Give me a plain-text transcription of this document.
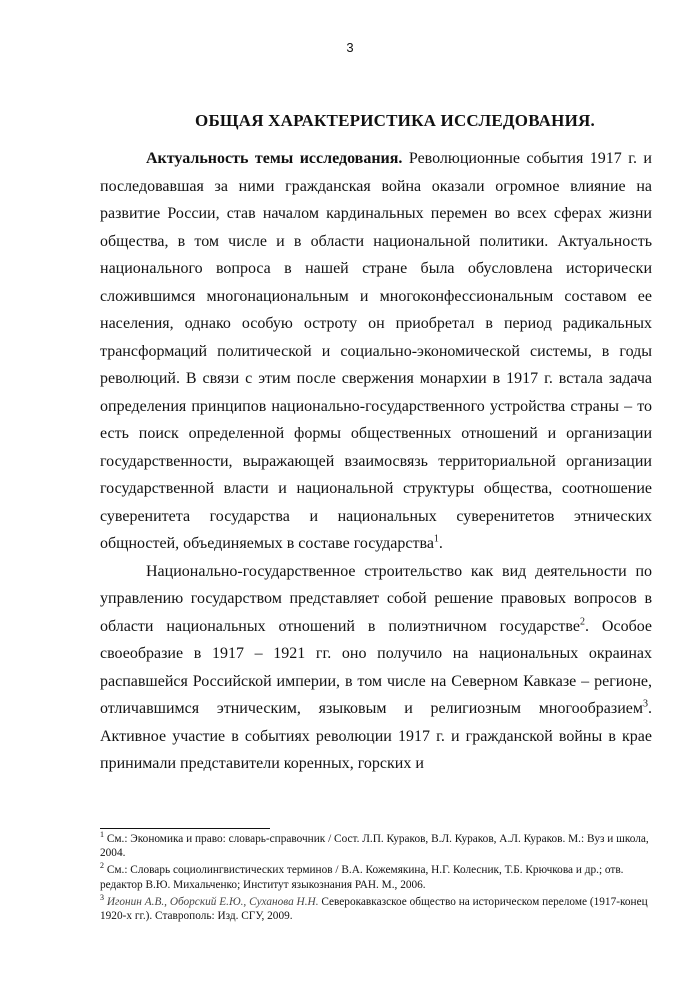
3
ОБЩАЯ ХАРАКТЕРИСТИКА ИССЛЕДОВАНИЯ.

Актуальность темы исследования. Революционные события 1917 г. и последовавшая за ними гражданская война оказали огромное влияние на развитие России, став началом кардинальных перемен во всех сферах жизни общества, в том числе и в области национальной политики. Актуальность национального вопроса в нашей стране была обусловлена исторически сложившимся многонациональным и многоконфессиональным составом ее населения, однако особую остроту он приобретал в период радикальных трансформаций политической и социально-экономической системы, в годы революций. В связи с этим после свержения монархии в 1917 г. встала задача определения принципов национально-государственного устройства страны – то есть поиск определенной формы общественных отношений и организации государственности, выражающей взаимосвязь территориальной организации государственной власти и национальной структуры общества, соотношение суверенитета государства и национальных суверенитетов этнических общностей, объединяемых в составе государства$^1$.

Национально-государственное строительство как вид деятельности по управлению государством представляет собой решение правовых вопросов в области национальных отношений в полиэтничном государстве$^2$. Особое своеобразие в 1917 – 1921 гг. оно получило на национальных окраинах распавшейся Российской империи, в том числе на Северном Кавказе – регионе, отличавшимся этническим, языковым и религиозным многообразием$^3$. Активное участие в событиях революции 1917 г. и гражданской войны в крае принимали представители коренных, горских и

$^1$ См.: Экономика и право: словарь-справочник / Сост. Л.П. Кураков, В.Л. Кураков, А.Л. Кураков. М.: Вуз и школа, 2004.

$^2$ См.: Словарь социолингвистических терминов / В.А. Кожемякина, Н.Г. Колесник, Т.Б. Крючкова и др.; отв. редактор В.Ю. Михальченко; Институт языкознания РАН. М., 2006.

$^3$ Игонин А.В., Оборский Е.Ю., Суханова Н.Н. Северокавказское общество на историческом переломе (1917-конец 1920-х гг.). Ставрополь: Изд. СГУ, 2009.
